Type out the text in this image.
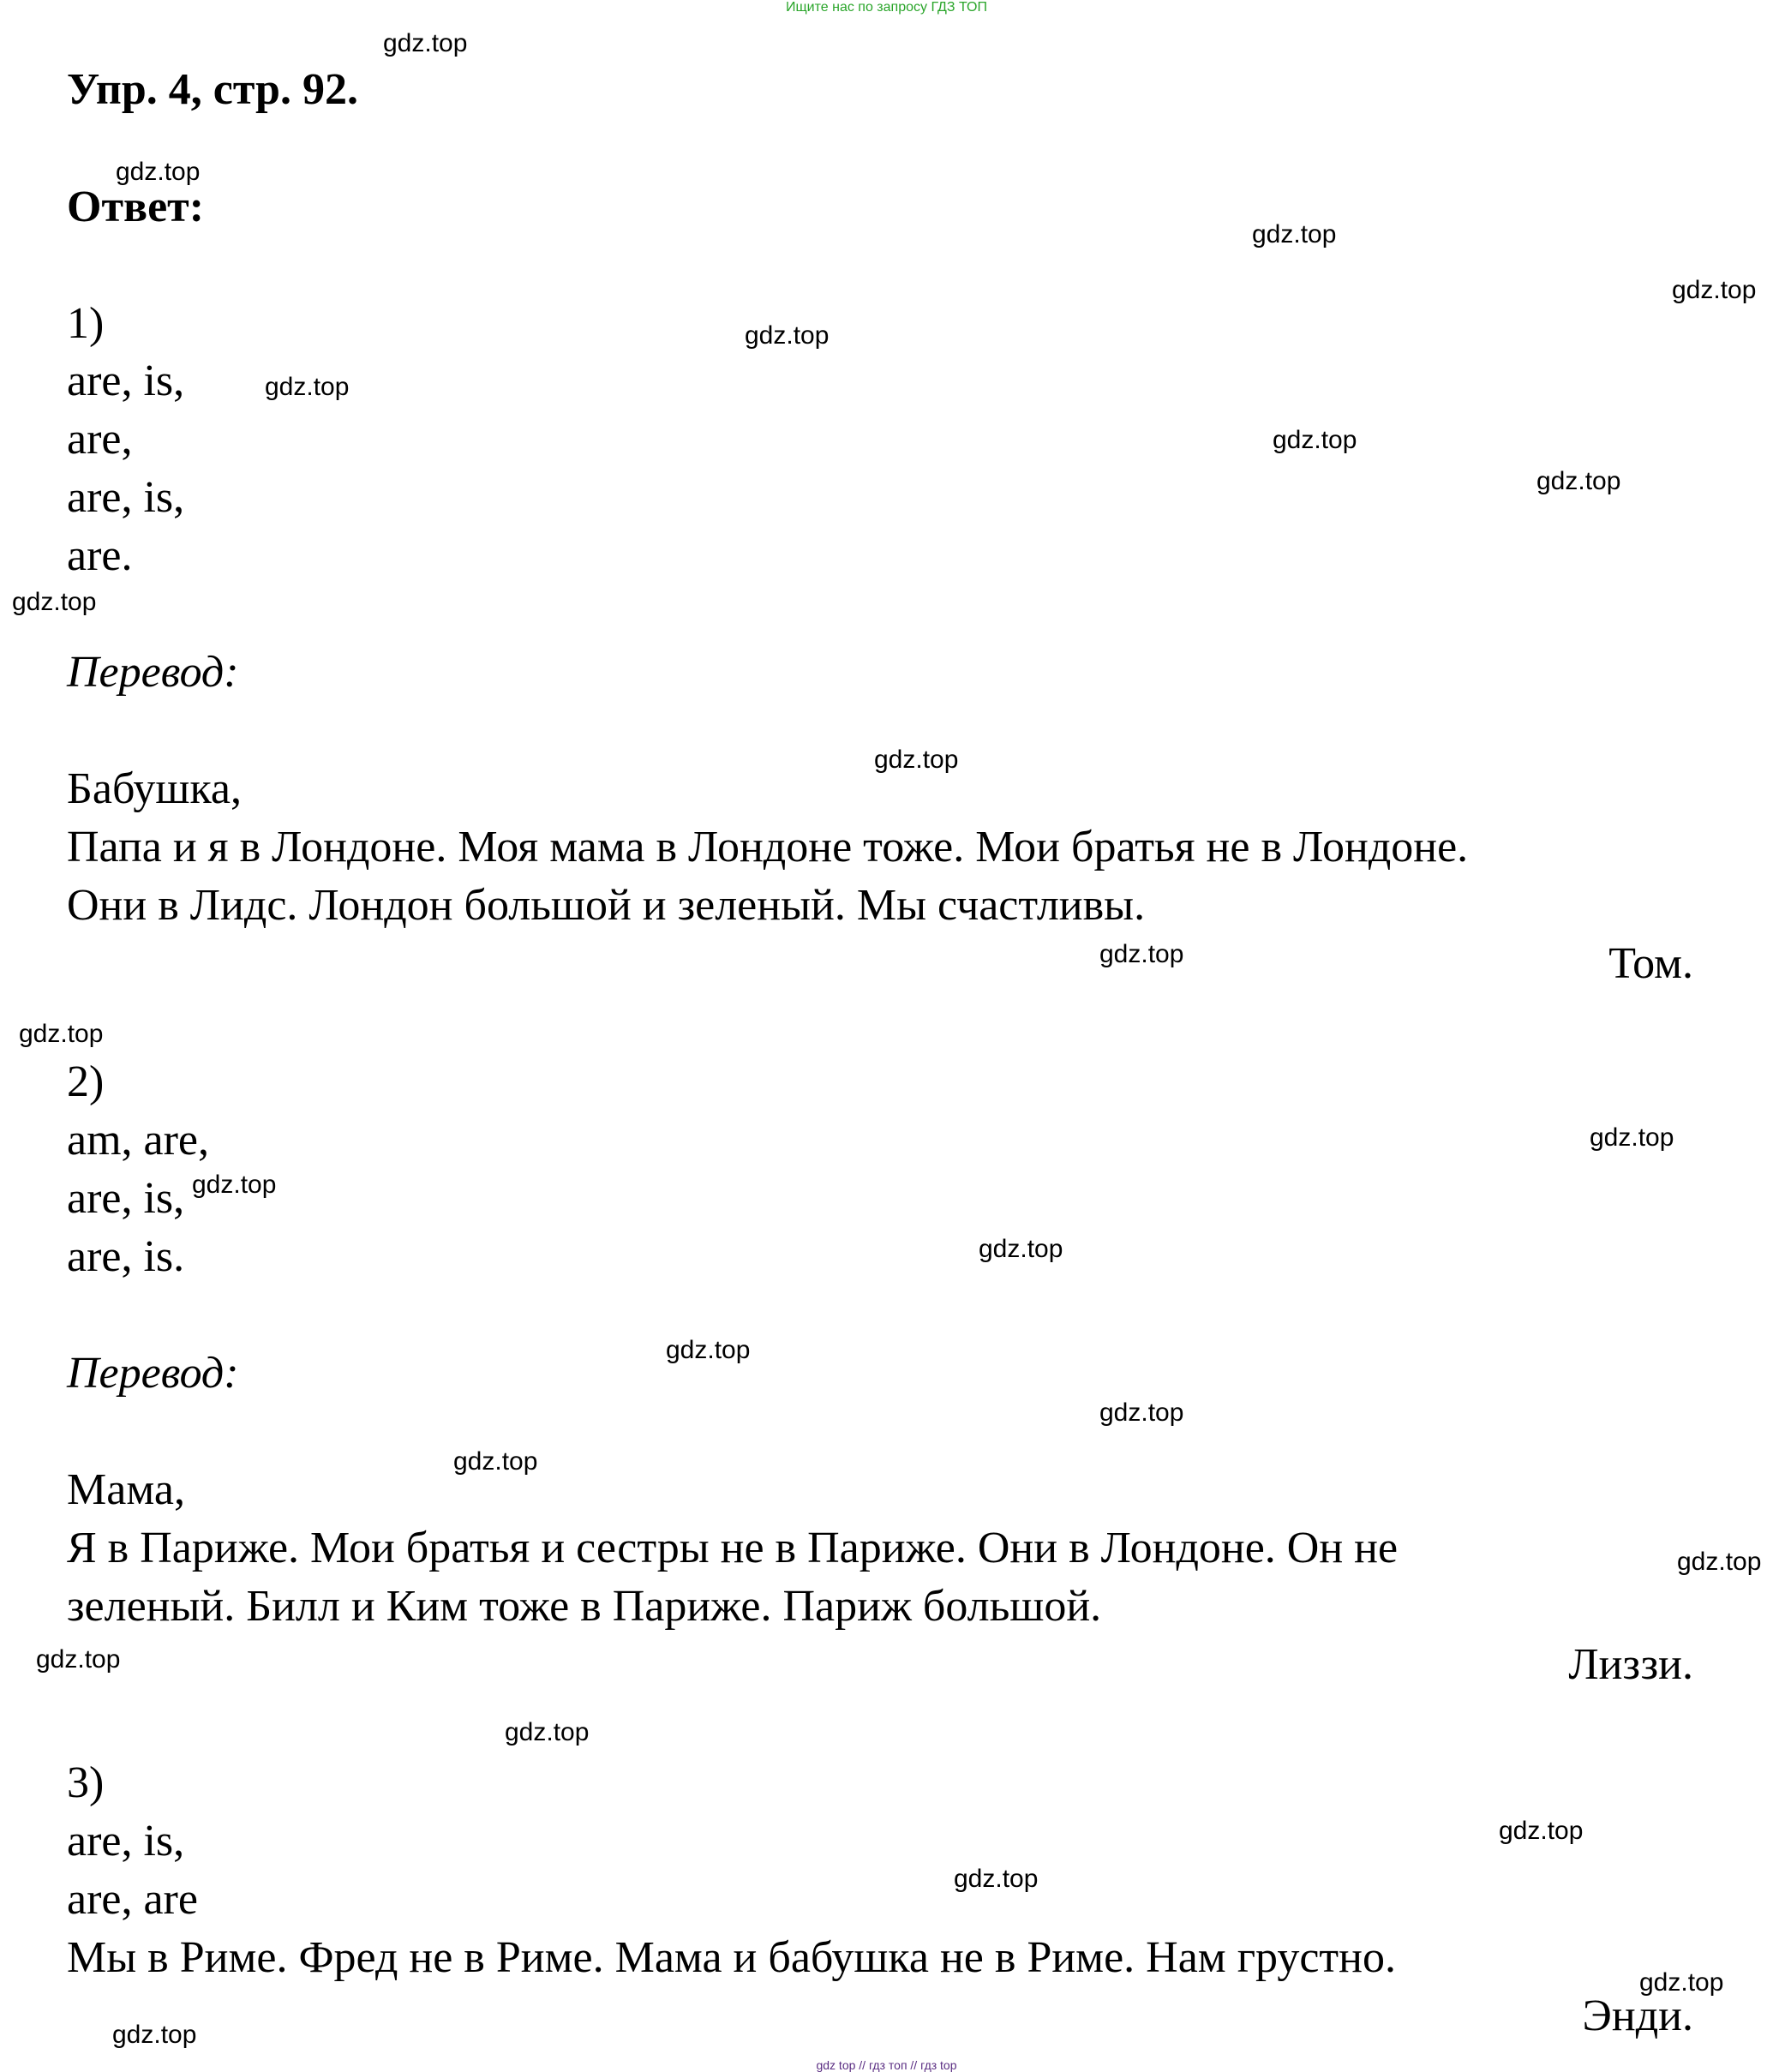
Ищите нас по запросу ГДЗ ТОП
Упр. 4, стр. 92.
Ответ:
1)
are, is,
are,
are, is,
are.
Перевод:
Бабушка,
Папа и я в Лондоне. Моя мама в Лондоне тоже. Мои братья не в Лондоне.
Они в Лидс. Лондон большой и зеленый. Мы счастливы.
Том.
2)
am, are,
are, is,
are, is.
Перевод:
Мама,
Я в Париже. Мои братья и сестры не в Париже. Они в Лондоне. Он не
зеленый. Билл и Ким тоже в Париже. Париж большой.
Лиззи.
3)
are, is,
are, are
Мы в Риме. Фред не в Риме. Мама и бабушка не в Риме. Нам грустно.
Энди.
gdz.top
gdz.top
gdz.top
gdz.top
gdz.top
gdz.top
gdz.top
gdz.top
gdz.top
gdz.top
gdz.top
gdz.top
gdz.top
gdz.top
gdz.top
gdz.top
gdz.top
gdz.top
gdz.top
gdz.top
gdz.top
gdz.top
gdz.top
gdz.top
gdz.top
gdz top // гдз топ // гдз top
